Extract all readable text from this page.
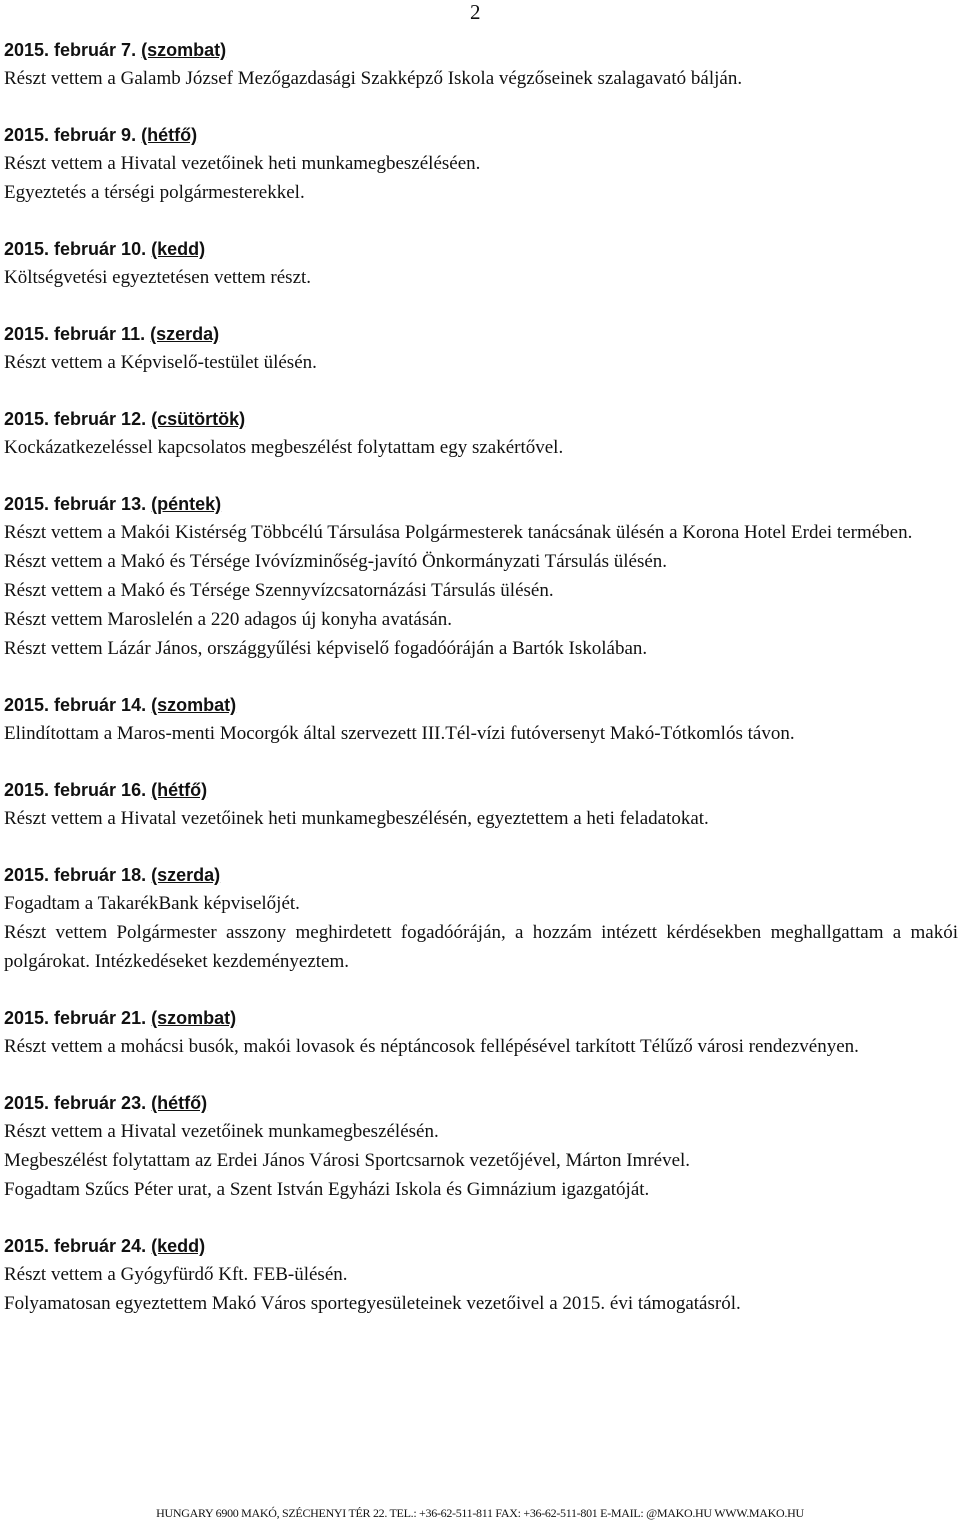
2
2015. február 7. (szombat)
Részt vettem a Galamb József Mezőgazdasági Szakképző Iskola végzőseinek szalagavató bálján.
2015. február 9. (hétfő)
Részt vettem a Hivatal vezetőinek heti munkamegbeszéléséen.
Egyeztetés a térségi polgármesterekkel.
2015. február 10. (kedd)
Költségvetési egyeztetésen vettem részt.
2015. február 11. (szerda)
Részt vettem a Képviselő-testület ülésén.
2015. február 12. (csütörtök)
Kockázatkezeléssel kapcsolatos megbeszélést folytattam egy szakértővel.
2015. február 13. (péntek)
Részt vettem a Makói Kistérség Többcélú Társulása Polgármesterek tanácsának ülésén a Korona Hotel Erdei termében.
Részt vettem a Makó és Térsége Ivóvízminőség-javító Önkormányzati Társulás ülésén.
Részt vettem a Makó és Térsége Szennyvízcsatornázási Társulás ülésén.
Részt vettem Maroslelén a 220 adagos új konyha avatásán.
Részt vettem Lázár János, országgyűlési képviselő fogadóóráján a Bartók Iskolában.
2015. február 14. (szombat)
Elindítottam a Maros-menti Mocorgók által szervezett III.Tél-vízi futóversenyt Makó-Tótkomlós távon.
2015. február 16. (hétfő)
Részt vettem a Hivatal vezetőinek heti munkamegbeszélésén, egyeztettem a heti feladatokat.
2015. február 18. (szerda)
Fogadtam a TakarékBank képviselőjét.
Részt vettem Polgármester asszony meghirdetett fogadóóráján, a hozzám intézett kérdésekben meghallgattam a makói polgárokat. Intézkedéseket kezdeményeztem.
2015. február 21. (szombat)
Részt vettem a mohácsi busók, makói lovasok és néptáncosok fellépésével tarkított Télűző városi rendezvényen.
2015. február 23. (hétfő)
Részt vettem a Hivatal vezetőinek munkamegbeszélésén.
Megbeszélést folytattam az Erdei János Városi Sportcsarnok vezetőjével, Márton Imrével.
Fogadtam Szűcs Péter urat, a Szent István Egyházi Iskola és Gimnázium igazgatóját.
2015. február 24. (kedd)
Részt vettem a Gyógyfürdő Kft. FEB-ülésén.
Folyamatosan egyeztettem Makó Város sportegyesületeinek vezetőivel a 2015. évi támogatásról.
HUNGARY 6900 MAKÓ, SZÉCHENYI TÉR 22. TEL.: +36-62-511-811 FAX: +36-62-511-801 E-MAIL: @MAKO.HU WWW.MAKO.HU
